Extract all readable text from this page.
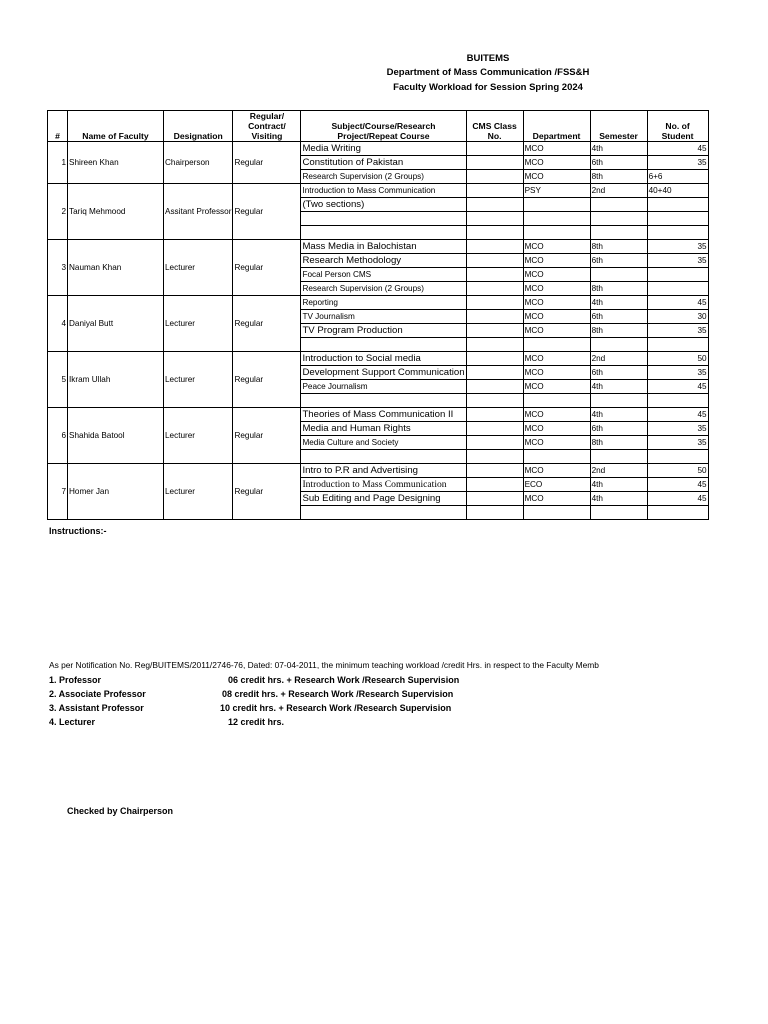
BUITEMS
Department of Mass Communication /FSS&H
Faculty Workload for Session Spring 2024
#	Name of Faculty	Designation	Regular/ Contract/ Visiting	Subject/Course/Research Project/Repeat Course	CMS Class No.	Department	Semester	No. of Student
1	Shireen Khan	Chairperson	Regular	Media Writing		MCO	4th	45
				Constitution of Pakistan		MCO	6th	35
				Research Supervision (2 Groups)		MCO	8th	6+6
2	Tariq Mehmood	Assitant Professor	Regular	Introduction to Mass Communication		PSY	2nd	40+40
				(Two sections)				

3	Nauman Khan	Lecturer	Regular	Mass Media in Balochistan		MCO	8th	35
				Research Methodology		MCO	6th	35
				Focal Person CMS		MCO		
				Research Supervision (2 Groups)		MCO	8th	
4	Daniyal Butt	Lecturer	Regular	Reporting		MCO	4th	45
				TV Journalism		MCO	6th	30
				TV Program Production		MCO	8th	35

5	Ikram Ullah	Lecturer	Regular	Introduction to Social media		MCO	2nd	50
				Development Support Communication		MCO	6th	35
				Peace Journalism		MCO	4th	45

6	Shahida Batool	Lecturer	Regular	Theories of Mass Communication II		MCO	4th	45
				Media and Human Rights		MCO	6th	35
				Media Culture and Society		MCO	8th	35

7	Homer Jan	Lecturer	Regular	Intro to P.R and Advertising		MCO	2nd	50
				Introduction to Mass Communication		ECO	4th	45
				Sub Editing and Page Designing		MCO	4th	45

Instructions:-
As per Notification No. Reg/BUITEMS/2011/2746-76, Dated: 07-04-2011, the minimum teaching workload /credit Hrs. in respect to the Faculty Memb
1. Professor	06 credit hrs. + Research Work /Research Supervision
2. Associate Professor	08 credit hrs. + Research Work /Research Supervision
3. Assistant Professor	10 credit hrs. + Research Work /Research Supervision
4. Lecturer	12 credit hrs.
Checked by Chairperson
